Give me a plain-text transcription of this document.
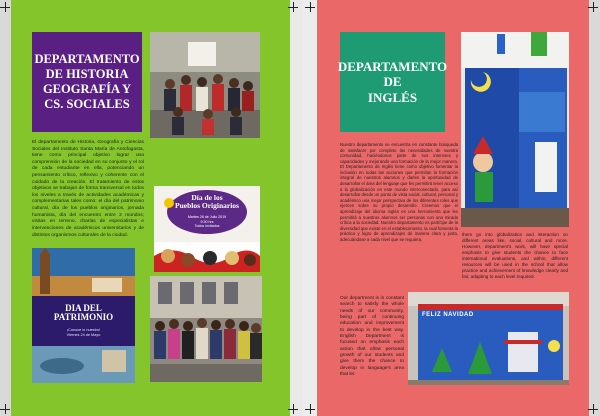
DEPARTAMENTO
DE HISTORIA
GEOGRAFÍA Y
CS. SOCIALES

El departamento de Historia, Geografía y Ciencias Sociales del Instituto Santa María de Antofagasta, tiene como principal objetivo lograr una comprensión de la sociedad en su conjunto y el rol de cada estudiante en ella, potenciando un pensamiento crítico, reflexivo y coherente con el cuidado de la creación. El tratamiento de estos objetivos se trabajan de forma transversal en todos los niveles a través de actividades académicas y complementarias tales como: el día del patrimonio cultural, día de los pueblos originarios, jornada humanista, día del encuentro entre 2 mundos; visitas en terreno, charlas de especialistas e intervenciones de académicos universitarios y de distintos organismos culturales de la ciudad.

Día de los
Pueblos Originarios
Martes 28 de Julio 2019
9:30 hrs
Todos invitados
DIA DEL
PATRIMONIO
¡Conoce lo nuestro!
Viernes 24 de Mayo
DEPARTAMENTO
DE
INGLÉS

Nuestro departamento se encuentra en constante búsqueda de satisfacer por completo las necesidades de nuestra comunidad, haciéndonos parte de sus intereses y capacidades y mejorando una formación de la mejor manera. El Departamento de Inglés tiene como objetivo fomentar la inclusión en todas las acciones que permitan la formación integral de nuestros alumnos y darles la oportunidad de desarrollar el área del lenguaje que les permitirá tener acceso a la globalización en este mundo interconectado, para así desarrollar desde un punto de vista social, cultural, personal y académico una mejor perspectiva de los diferentes roles que ejercen sobre su propio desarrollo. Creemos que el aprendizaje del idioma inglés es una herramienta que les permitirá a nuestros alumnos ser personas con una mirada crítica a la sociedad. Nuestro departamento es partícipe de la diversidad que existe en el establecimiento, la cual fomenta la práctica y logro de aprendizajes de manera clara y justa, adecuándose a cada nivel que se requiera.

Our department is in constant search to satisfy the whole needs of our community, being part of continuing education and improvement to develop in the best way. English Department is focused on emphasis each action that allow personal growth of our students and give them the chance to develop in language's area that let

them go into globalization and interaction on different areas like, social, cultural and more. However, department's work, will have special emphasis to give students the chance to face international evaluations, and within, different resources will be used in the school that allow practice and achievement of knowledge clearly and fair, adapting to each level required.

FELIZ NAVIDAD
